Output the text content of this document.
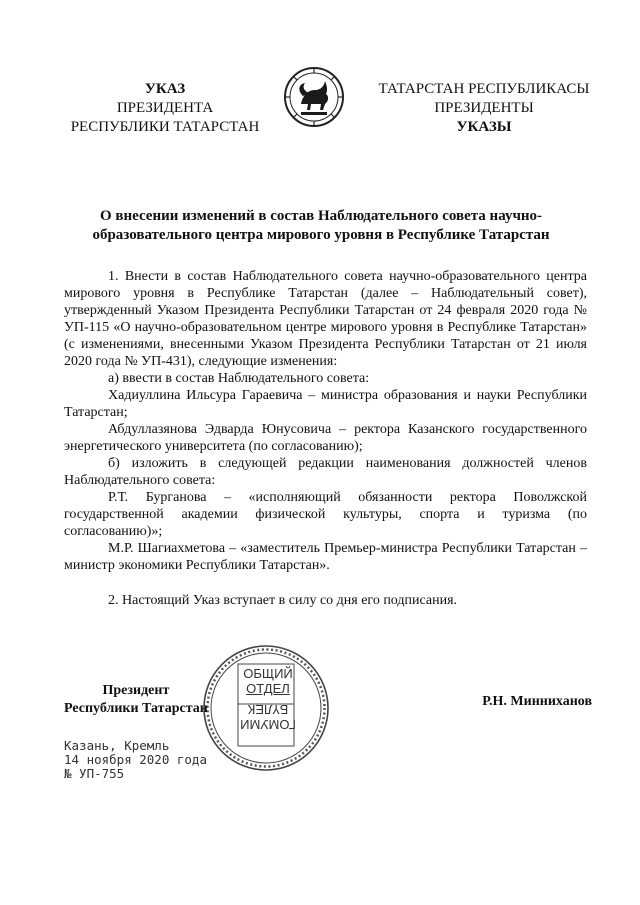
УКАЗ
ПРЕЗИДЕНТА
РЕСПУБЛИКИ ТАТАРСТАН
ТАТАРСТАН РЕСПУБЛИКАСЫ
ПРЕЗИДЕНТЫ
УКАЗЫ
О внесении изменений в состав Наблюдательного совета научно-образовательного центра мирового уровня в Республике Татарстан

1. Внести в состав Наблюдательного совета научно-образовательного центра мирового уровня в Республике Татарстан (далее – Наблюдательный совет), утвержденный Указом Президента Республики Татарстан от 24 февраля 2020 года № УП-115 «О научно-образовательном центре мирового уровня в Республике Татарстан» (с изменениями, внесенными Указом Президента Республики Татарстан от 21 июля 2020 года № УП-431), следующие изменения:

а) ввести в состав Наблюдательного совета:

Хадиуллина Ильсура Гараевича – министра образования и науки Республики Татарстан;

Абдуллазянова Эдварда Юнусовича – ректора Казанского государственного энергетического университета (по согласованию);

б) изложить в следующей редакции наименования должностей членов Наблюдательного совета:

Р.Т. Бурганова – «исполняющий обязанности ректора Поволжской государственной академии физической культуры, спорта и туризма (по согласованию)»;

М.Р. Шагиахметова – «заместитель Премьер-министра Республики Татарстан – министр экономики Республики Татарстан».

2. Настоящий Указ вступает в силу со дня его подписания.

ОБЩИЙ
ОТДЕЛ
БҮЛЕК
ГОМУМИ
Президент
Республики Татарстан	Р.Н. Минниханов
Казань, Кремль
14 ноября 2020 года
№ УП-755
